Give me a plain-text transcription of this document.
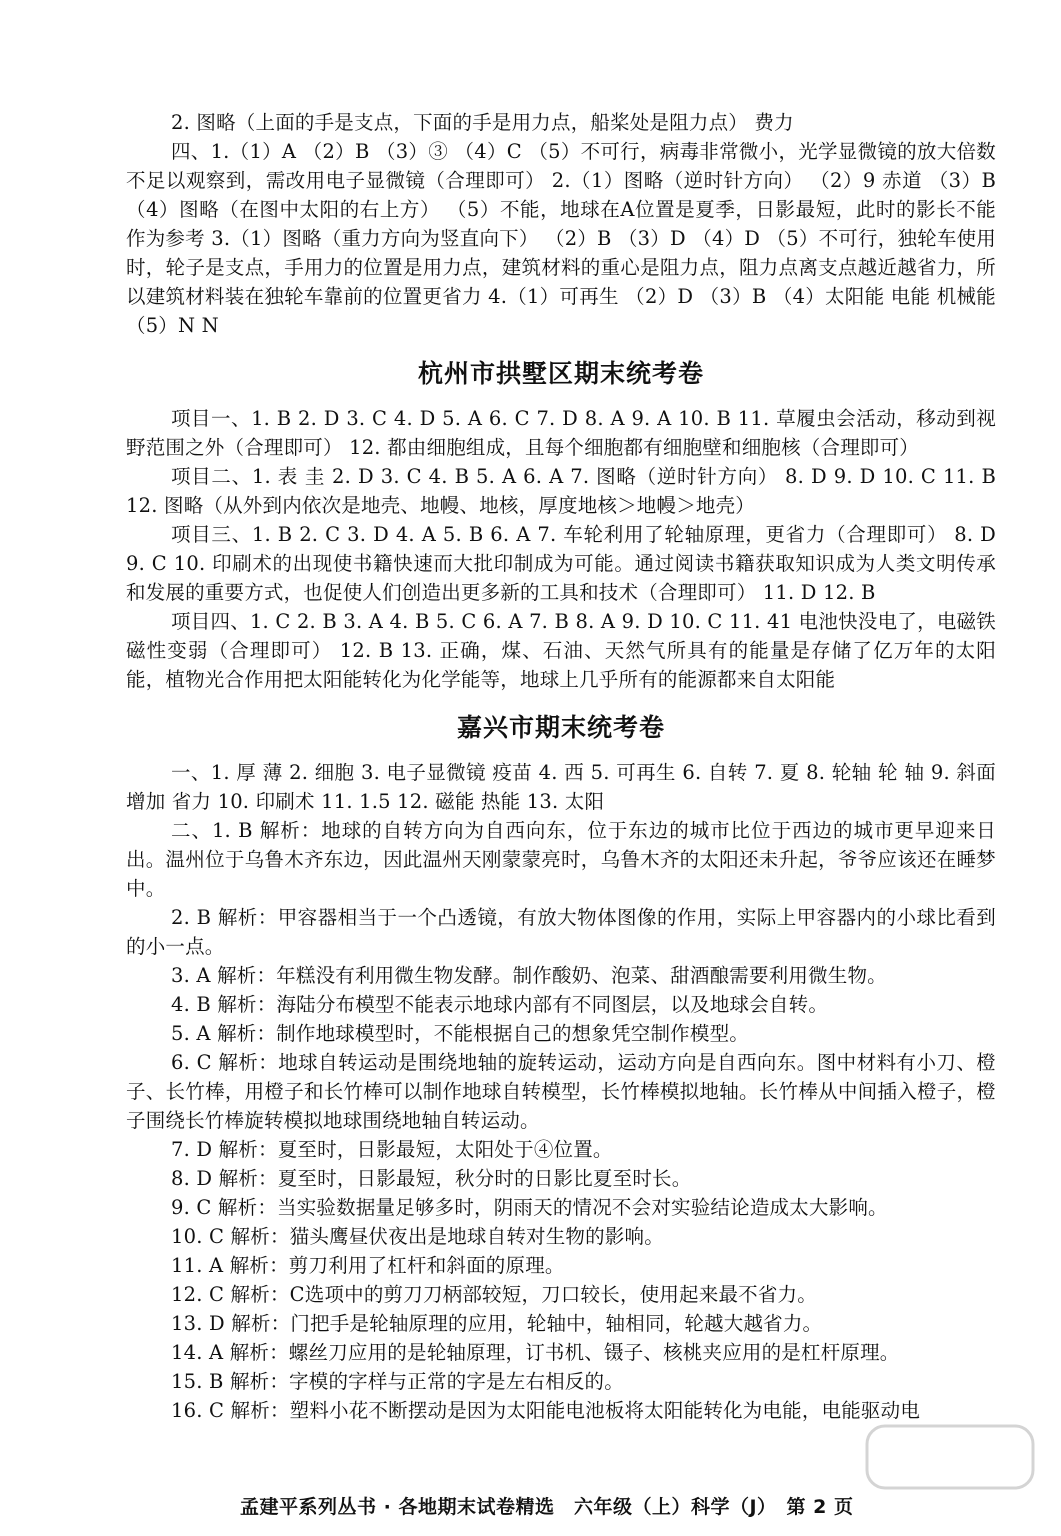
2. 图略（上面的手是支点，下面的手是用力点，船桨处是阻力点） 费力

四、1.（1）A （2）B （3）③ （4）C （5）不可行，病毒非常微小，光学显微镜的放大倍数不足以观察到，需改用电子显微镜（合理即可） 2.（1）图略（逆时针方向） （2）9 赤道 （3）B （4）图略（在图中太阳的右上方） （5）不能，地球在A位置是夏季，日影最短，此时的影长不能作为参考 3.（1）图略（重力方向为竖直向下） （2）B （3）D （4）D （5）不可行，独轮车使用时，轮子是支点，手用力的位置是用力点，建筑材料的重心是阻力点，阻力点离支点越近越省力，所以建筑材料装在独轮车靠前的位置更省力 4.（1）可再生 （2）D （3）B （4）太阳能 电能 机械能 （5）N N

杭州市拱墅区期末统考卷

项目一、1. B 2. D 3. C 4. D 5. A 6. C 7. D 8. A 9. A 10. B 11. 草履虫会活动，移动到视野范围之外（合理即可） 12. 都由细胞组成，且每个细胞都有细胞壁和细胞核（合理即可）

项目二、1. 表 圭 2. D 3. C 4. B 5. A 6. A 7. 图略（逆时针方向） 8. D 9. D 10. C 11. B 12. 图略（从外到内依次是地壳、地幔、地核，厚度地核＞地幔＞地壳）

项目三、1. B 2. C 3. D 4. A 5. B 6. A 7. 车轮利用了轮轴原理，更省力（合理即可） 8. D 9. C 10. 印刷术的出现使书籍快速而大批印制成为可能。通过阅读书籍获取知识成为人类文明传承和发展的重要方式，也促使人们创造出更多新的工具和技术（合理即可） 11. D 12. B

项目四、1. C 2. B 3. A 4. B 5. C 6. A 7. B 8. A 9. D 10. C 11. 41 电池快没电了，电磁铁磁性变弱（合理即可） 12. B 13. 正确，煤、石油、天然气所具有的能量是存储了亿万年的太阳能，植物光合作用把太阳能转化为化学能等，地球上几乎所有的能源都来自太阳能

嘉兴市期末统考卷

一、1. 厚 薄 2. 细胞 3. 电子显微镜 疫苗 4. 西 5. 可再生 6. 自转 7. 夏 8. 轮轴 轮 轴 9. 斜面 增加 省力 10. 印刷术 11. 1.5 12. 磁能 热能 13. 太阳

二、1. B 解析：地球的自转方向为自西向东，位于东边的城市比位于西边的城市更早迎来日出。温州位于乌鲁木齐东边，因此温州天刚蒙蒙亮时，乌鲁木齐的太阳还未升起，爷爷应该还在睡梦中。

2. B 解析：甲容器相当于一个凸透镜，有放大物体图像的作用，实际上甲容器内的小球比看到的小一点。

3. A 解析：年糕没有利用微生物发酵。制作酸奶、泡菜、甜酒酿需要利用微生物。

4. B 解析：海陆分布模型不能表示地球内部有不同图层，以及地球会自转。

5. A 解析：制作地球模型时，不能根据自己的想象凭空制作模型。

6. C 解析：地球自转运动是围绕地轴的旋转运动，运动方向是自西向东。图中材料有小刀、橙子、长竹棒，用橙子和长竹棒可以制作地球自转模型，长竹棒模拟地轴。长竹棒从中间插入橙子，橙子围绕长竹棒旋转模拟地球围绕地轴自转运动。

7. D 解析：夏至时，日影最短，太阳处于④位置。

8. D 解析：夏至时，日影最短，秋分时的日影比夏至时长。

9. C 解析：当实验数据量足够多时，阴雨天的情况不会对实验结论造成太大影响。

10. C 解析：猫头鹰昼伏夜出是地球自转对生物的影响。

11. A 解析：剪刀利用了杠杆和斜面的原理。

12. C 解析：C选项中的剪刀刀柄部较短，刀口较长，使用起来最不省力。

13. D 解析：门把手是轮轴原理的应用，轮轴中，轴相同，轮越大越省力。

14. A 解析：螺丝刀应用的是轮轴原理，订书机、镊子、核桃夹应用的是杠杆原理。

15. B 解析：字模的字样与正常的字是左右相反的。

16. C 解析：塑料小花不断摆动是因为太阳能电池板将太阳能转化为电能，电能驱动电

孟建平系列丛书 · 各地期末试卷精选　六年级（上）科学（J）　第 2 页
